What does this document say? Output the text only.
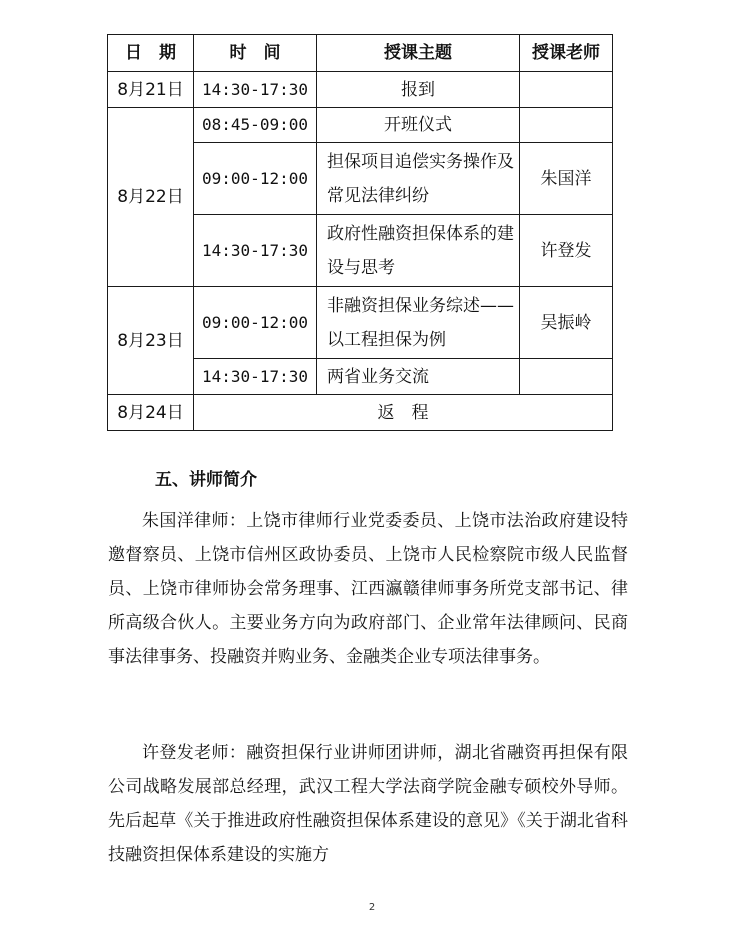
日　期	时　间	授课主题	授课老师
8月21日	14:30-17:30	报到	
8月22日	08:45-09:00	开班仪式	
	09:00-12:00	担保项目追偿实务操作及常见法律纠纷	朱国洋
	14:30-17:30	政府性融资担保体系的建设与思考	许登发
8月23日	09:00-12:00	非融资担保业务综述——以工程担保为例	吴振岭
	14:30-17:30	两省业务交流	
8月24日	返　程		
五、讲师简介

朱国洋律师：上饶市律师行业党委委员、上饶市法治政府建设特邀督察员、上饶市信州区政协委员、上饶市人民检察院市级人民监督员、上饶市律师协会常务理事、江西瀛赣律师事务所党支部书记、律所高级合伙人。主要业务方向为政府部门、企业常年法律顾问、民商事法律事务、投融资并购业务、金融类企业专项法律事务。

许登发老师：融资担保行业讲师团讲师，湖北省融资再担保有限公司战略发展部总经理，武汉工程大学法商学院金融专硕校外导师。先后起草《关于推进政府性融资担保体系建设的意见》《关于湖北省科技融资担保体系建设的实施方

2
